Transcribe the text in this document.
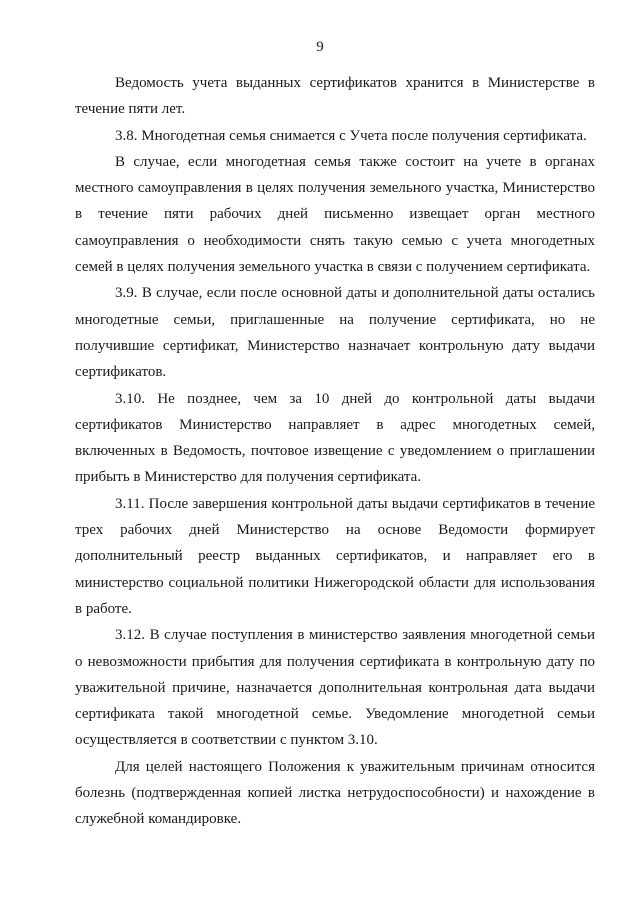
9

Ведомость учета выданных сертификатов хранится в Министерстве в течение пяти лет.

3.8. Многодетная семья снимается с Учета после получения сертификата.

В случае, если многодетная семья также состоит на учете в органах местного самоуправления в целях получения земельного участка, Министерство в течение пяти рабочих дней письменно извещает орган местного самоуправления о необходимости снять такую семью с учета многодетных семей в целях получения земельного участка в связи с получением сертификата.

3.9. В случае, если после основной даты и дополнительной даты остались многодетные семьи, приглашенные на получение сертификата, но не получившие сертификат, Министерство назначает контрольную дату выдачи сертификатов.

3.10. Не позднее, чем за 10 дней до контрольной даты выдачи сертификатов Министерство направляет в адрес многодетных семей, включенных в Ведомость, почтовое извещение с уведомлением о приглашении прибыть в Министерство для получения сертификата.

3.11. После завершения контрольной даты выдачи сертификатов в течение трех рабочих дней Министерство на основе Ведомости формирует дополнительный реестр выданных сертификатов, и направляет его в министерство социальной политики Нижегородской области для использования в работе.

3.12. В случае поступления в министерство заявления многодетной семьи о невозможности прибытия для получения сертификата в контрольную дату по уважительной причине, назначается дополнительная контрольная дата выдачи сертификата такой многодетной семье. Уведомление многодетной семьи осуществляется в соответствии с пунктом 3.10.

Для целей настоящего Положения к уважительным причинам относится болезнь (подтвержденная копией листка нетрудоспособности) и нахождение в служебной командировке.
